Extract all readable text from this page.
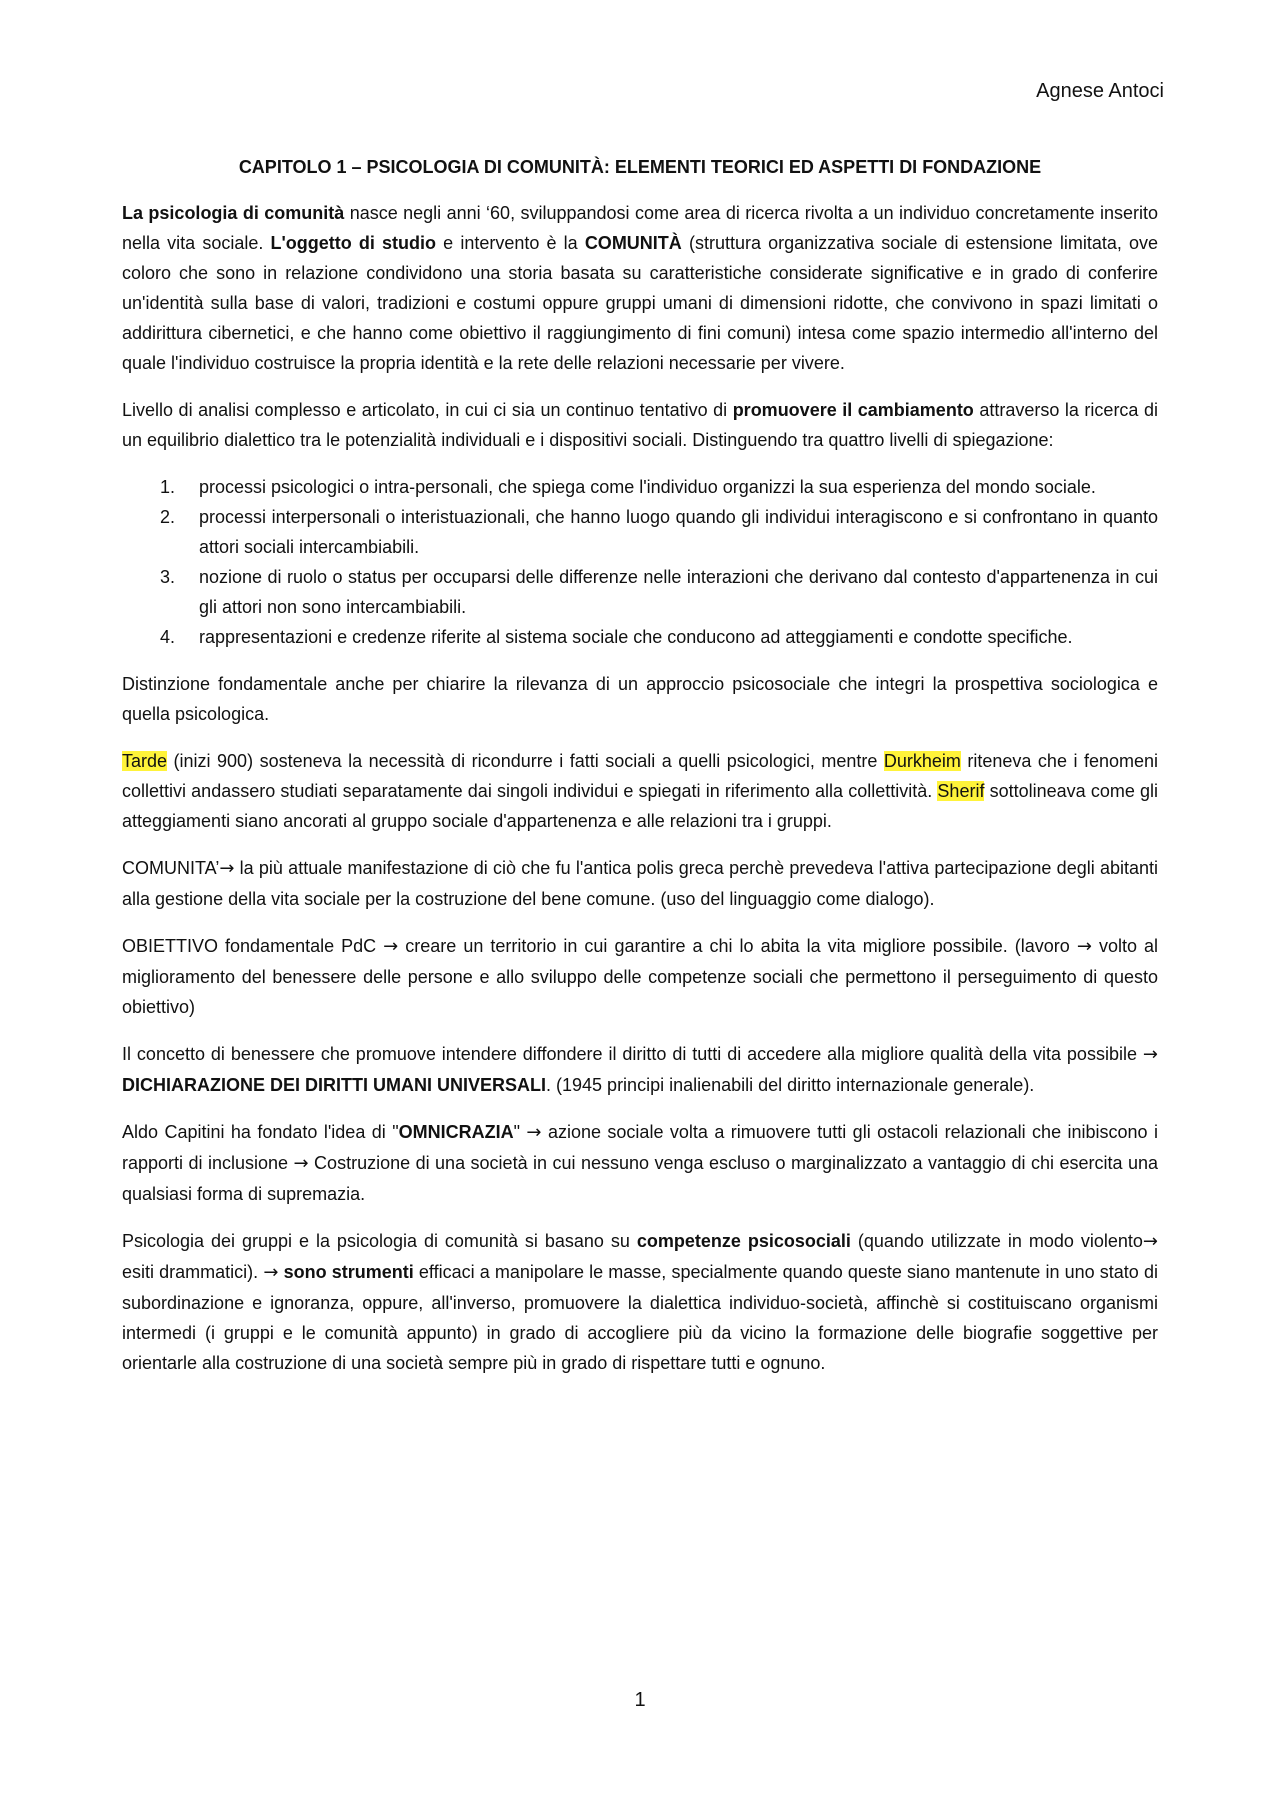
Agnese Antoci
CAPITOLO 1 – PSICOLOGIA DI COMUNITÀ: ELEMENTI TEORICI ED ASPETTI DI FONDAZIONE

La psicologia di comunità nasce negli anni ‘60, sviluppandosi come area di ricerca rivolta a un individuo concretamente inserito nella vita sociale. L'oggetto di studio e intervento è la COMUNITÀ (struttura organizzativa sociale di estensione limitata, ove coloro che sono in relazione condividono una storia basata su caratteristiche considerate significative e in grado di conferire un'identità sulla base di valori, tradizioni e costumi oppure gruppi umani di dimensioni ridotte, che convivono in spazi limitati o addirittura cibernetici, e che hanno come obiettivo il raggiungimento di fini comuni) intesa come spazio intermedio all'interno del quale l'individuo costruisce la propria identità e la rete delle relazioni necessarie per vivere.

Livello di analisi complesso e articolato, in cui ci sia un continuo tentativo di promuovere il cambiamento attraverso la ricerca di un equilibrio dialettico tra le potenzialità individuali e i dispositivi sociali. Distinguendo tra quattro livelli di spiegazione:

1. processi psicologici o intra-personali, che spiega come l'individuo organizzi la sua esperienza del mondo sociale.
2. processi interpersonali o interistuazionali, che hanno luogo quando gli individui interagiscono e si confrontano in quanto attori sociali intercambiabili.
3. nozione di ruolo o status per occuparsi delle differenze nelle interazioni che derivano dal contesto d'appartenenza in cui gli attori non sono intercambiabili.
4. rappresentazioni e credenze riferite al sistema sociale che conducono ad atteggiamenti e condotte specifiche.

Distinzione fondamentale anche per chiarire la rilevanza di un approccio psicosociale che integri la prospettiva sociologica e quella psicologica.

Tarde (inizi 900) sosteneva la necessità di ricondurre i fatti sociali a quelli psicologici, mentre Durkheim riteneva che i fenomeni collettivi andassero studiati separatamente dai singoli individui e spiegati in riferimento alla collettività. Sherif sottolineava come gli atteggiamenti siano ancorati al gruppo sociale d'appartenenza e alle relazioni tra i gruppi.

COMUNITA’→ la più attuale manifestazione di ciò che fu l'antica polis greca perchè prevedeva l'attiva partecipazione degli abitanti alla gestione della vita sociale per la costruzione del bene comune. (uso del linguaggio come dialogo).

OBIETTIVO fondamentale PdC → creare un territorio in cui garantire a chi lo abita la vita migliore possibile. (lavoro → volto al miglioramento del benessere delle persone e allo sviluppo delle competenze sociali che permettono il perseguimento di questo obiettivo)

Il concetto di benessere che promuove intendere diffondere il diritto di tutti di accedere alla migliore qualità della vita possibile → DICHIARAZIONE DEI DIRITTI UMANI UNIVERSALI. (1945 principi inalienabili del diritto internazionale generale).

Aldo Capitini ha fondato l'idea di "OMNICRAZIA" → azione sociale volta a rimuovere tutti gli ostacoli relazionali che inibiscono i rapporti di inclusione → Costruzione di una società in cui nessuno venga escluso o marginalizzato a vantaggio di chi esercita una qualsiasi forma di supremazia.

Psicologia dei gruppi e la psicologia di comunità si basano su competenze psicosociali (quando utilizzate in modo violento→ esiti drammatici). → sono strumenti efficaci a manipolare le masse, specialmente quando queste siano mantenute in uno stato di subordinazione e ignoranza, oppure, all'inverso, promuovere la dialettica individuo-società, affinchè si costituiscano organismi intermedi (i gruppi e le comunità appunto) in grado di accogliere più da vicino la formazione delle biografie soggettive per orientarle alla costruzione di una società sempre più in grado di rispettare tutti e ognuno.

1
